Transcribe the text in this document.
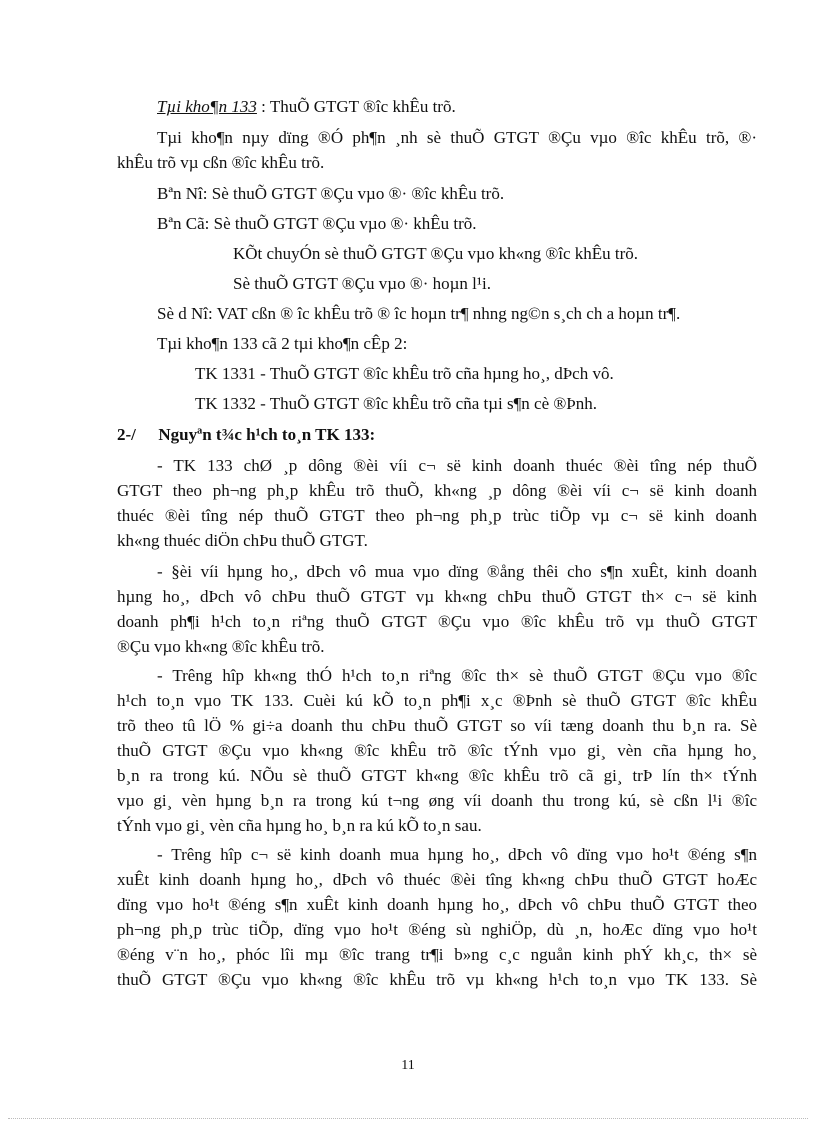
Tµi kho¶n 133 : ThuÕ GTGT ®îc khÊu trõ.
Tµi kho¶n nµy dïng ®Ó ph¶n ¸nh sè thuÕ GTGT ®Çu vµo ®îc khÊu trõ, ®·
khÊu trõ vµ cßn ®îc khÊu trõ.
Bªn Nî: Sè thuÕ GTGT ®Çu vµo ®· ®îc khÊu trõ.
Bªn Cã: Sè thuÕ GTGT ®Çu vµo ®· khÊu trõ.
KÕt chuyÓn sè thuÕ GTGT ®Çu vµo kh«ng ®îc khÊu trõ.
Sè thuÕ GTGT ®Çu vµo ®· hoµn l¹i.
Sè d Nî: VAT cßn ® îc khÊu trõ ® îc hoµn tr¶ nhng ng©n s¸ch ch a hoµn tr¶.
Tµi kho¶n 133 cã 2 tµi kho¶n cÊp 2:
TK 1331 - ThuÕ GTGT ®îc khÊu trõ cña hµng ho¸, dÞch vô.
TK 1332 - ThuÕ GTGT ®îc khÊu trõ cña tµi s¶n cè ®Þnh.
2-/ Nguyªn t¾c h¹ch to¸n TK 133:
- TK 133 chØ ¸p dông ®èi víi c¬ së kinh doanh thuéc ®èi tîng nép thuÕ
GTGT theo ph¬ng ph¸p khÊu trõ thuÕ, kh«ng ¸p dông ®èi víi c¬ së kinh doanh
thuéc ®èi tîng nép thuÕ GTGT theo ph¬ng ph¸p trùc tiÕp vµ c¬ së kinh doanh
kh«ng thuéc diÖn chÞu thuÕ GTGT.
- §èi víi hµng ho¸, dÞch vô mua vµo dïng ®ång thêi cho s¶n xuÊt, kinh doanh
hµng ho¸, dÞch vô chÞu thuÕ GTGT vµ kh«ng chÞu thuÕ GTGT th× c¬ së kinh
doanh ph¶i h¹ch to¸n riªng thuÕ GTGT ®Çu vµo ®îc khÊu trõ vµ thuÕ GTGT
®Çu vµo kh«ng ®îc khÊu trõ.
- Trêng hîp kh«ng thÓ h¹ch to¸n riªng ®îc th× sè thuÕ GTGT ®Çu vµo ®îc
h¹ch to¸n vµo TK 133. Cuèi kú kÕ to¸n ph¶i x¸c ®Þnh sè thuÕ GTGT ®îc khÊu
trõ theo tû lÖ % gi÷a doanh thu chÞu thuÕ GTGT so víi tæng doanh thu b¸n ra. Sè
thuÕ GTGT ®Çu vµo kh«ng ®îc khÊu trõ ®îc tÝnh vµo gi¸ vèn cña hµng ho¸
b¸n ra trong kú. NÕu sè thuÕ GTGT kh«ng ®îc khÊu trõ cã gi¸ trÞ lín th× tÝnh
vµo gi¸ vèn hµng b¸n ra trong kú t¬ng øng víi doanh thu trong kú, sè cßn l¹i ®îc
tÝnh vµo gi¸ vèn cña hµng ho¸ b¸n ra kú kÕ to¸n sau.
- Trêng hîp c¬ së kinh doanh mua hµng ho¸, dÞch vô dïng vµo ho¹t ®éng s¶n
xuÊt kinh doanh hµng ho¸, dÞch vô thuéc ®èi tîng kh«ng chÞu thuÕ GTGT hoÆc
dïng vµo ho¹t ®éng s¶n xuÊt kinh doanh hµng ho¸, dÞch vô chÞu thuÕ GTGT theo
ph¬ng ph¸p trùc tiÕp, dïng vµo ho¹t ®éng sù nghiÖp, dù ¸n, hoÆc dïng vµo ho¹t
®éng v¨n ho¸, phóc lîi mµ ®îc trang tr¶i b»ng c¸c nguån kinh phÝ kh¸c, th× sè
thuÕ GTGT ®Çu vµo kh«ng ®îc khÊu trõ vµ kh«ng h¹ch to¸n vµo TK 133. Sè
11
